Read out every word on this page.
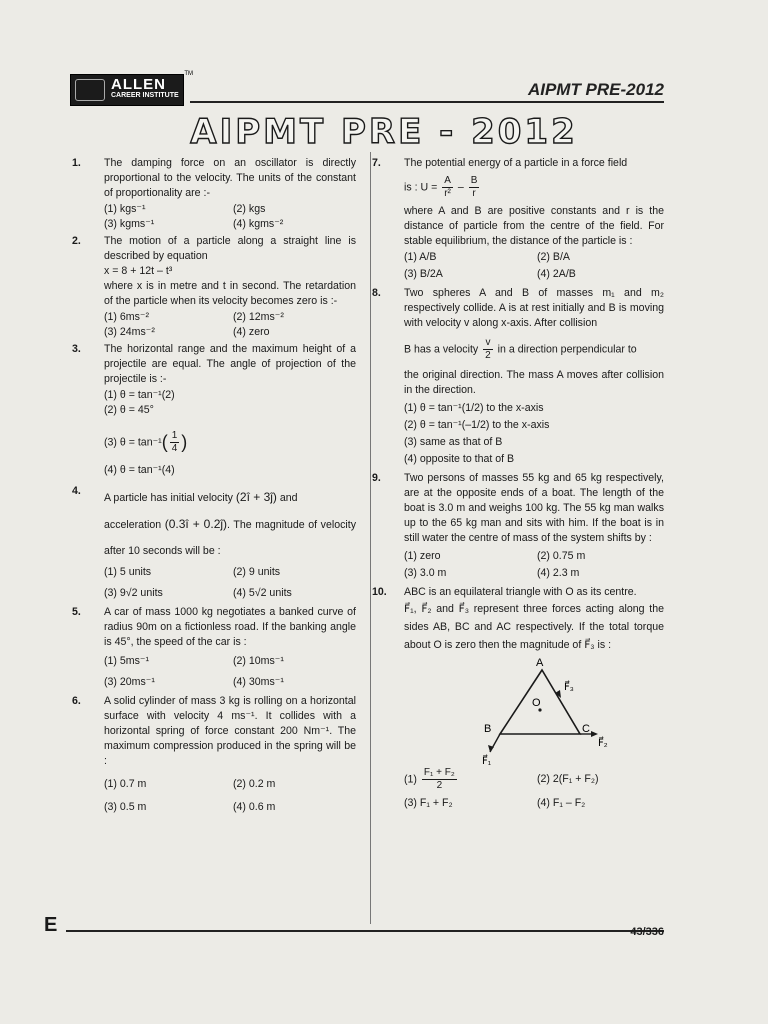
ALLEN
CAREER INSTITUTE
TM
AIPMT PRE-2012
AIPMT PRE - 2012
1. The damping force on an oscillator is directly proportional to the velocity. The units of the constant of proportionality are :-
(1) kgs⁻¹	(2) kgs
(3) kgms⁻¹	(4) kgms⁻²
2. The motion of a particle along a straight line is described by equation
x = 8 + 12t – t³
where x is in metre and t in second. The retardation of the particle when its velocity becomes zero is :-
(1) 6ms⁻²	(2) 12ms⁻²
(3) 24ms⁻²	(4) zero
3. The horizontal range and the maximum height of a projectile are equal. The angle of projection of the projectile is :-
(1) θ = tan⁻¹(2)
(2) θ = 45°
(3) $\theta = \tan^{-1}( \frac{1}{4}$ )
(4) θ = tan⁻¹(4)
4.
A particle has initial velocity (2î + 3ĵ) and
acceleration (0.3î + 0.2ĵ). The magnitude of velocity after 10 seconds will be :
(1) 5 units	(2) 9 units
(3) 9√2 units	(4) 5√2 units
5. A car of mass 1000 kg negotiates a banked curve of radius 90m on a fictionless road. If the banking angle is 45°, the speed of the car is :
(1) 5ms⁻¹	(2) 10ms⁻¹
(3) 20ms⁻¹	(4) 30ms⁻¹
6. A solid cylinder of mass 3 kg is rolling on a horizontal surface with velocity 4 ms⁻¹. It collides with a horizontal spring of force constant 200 Nm⁻¹. The maximum compression produced in the spring will be :
(1) 0.7 m	(2) 0.2 m
(3) 0.5 m	(4) 0.6 m
7. The potential energy of a particle in a force field
is : $U = \frac{A}{\text{r²}} - \frac{B}{r}$
where A and B are positive constants and r is the distance of particle from the centre of the field. For stable equilibrium, the distance of the particle is :
(1) A/B	(2) B/A
(3) B/2A	(4) 2A/B
8. Two spheres A and B of masses m₁ and m₂ respectively collide. A is at rest initially and B is moving with velocity v along x-axis. After collision
B has a velocity $\frac{v}{2}$ in a direction perpendicular to
the original direction. The mass A moves after collision in the direction.
(1) θ = tan⁻¹(1/2) to the x-axis
(2) θ = tan⁻¹(–1/2) to the x-axis
(3) same as that of B
(4) opposite to that of B
9. Two persons of masses 55 kg and 65 kg respectively, are at the opposite ends of a boat. The length of the boat is 3.0 m and weighs 100 kg. The 55 kg man walks up to the 65 kg man and sits with him. If the boat is in still water the centre of mass of the system shifts by :
(1) zero	(2) 0.75 m
(3) 3.0 m	(4) 2.3 m
10. ABC is an equilateral triangle with O as its centre.
F⃗₁, F⃗₂ and F⃗₃ represent three forces acting along the sides AB, BC and AC respectively. If the total torque about O is zero then the magnitude of F⃗₃ is :
A
B	C
O
F⃗₁
F⃗₂
F⃗₃
$(1) \frac{\text{F₁ + F₂}}{2}$	(2) 2(F₁ + F₂)
(3) F₁ + F₂	(4) F₁ – F₂
E	43/336
